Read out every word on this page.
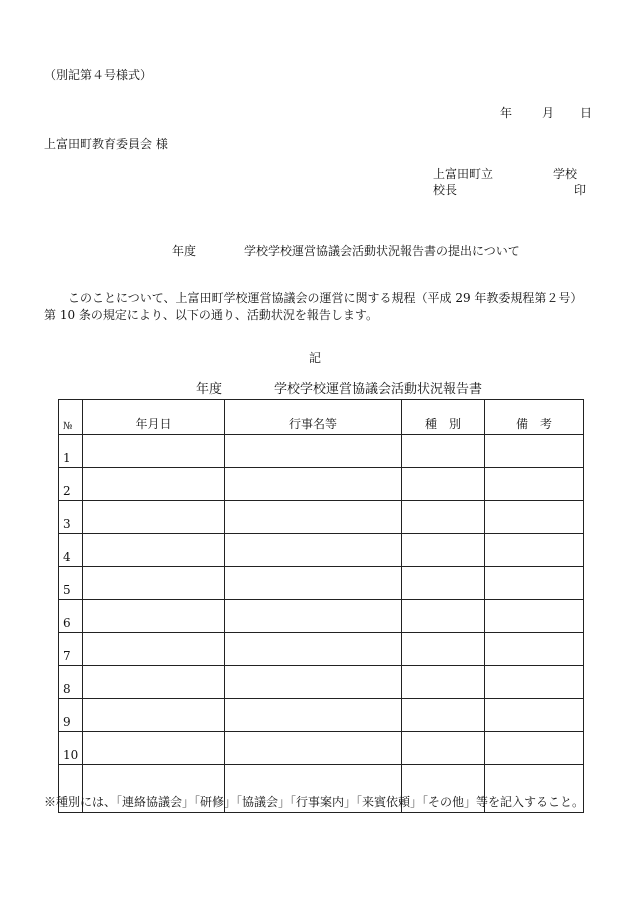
（別記第４号様式）
年	月 日
上富田町教育委員会 様
上富田町立　　　　　学校
校長	印
年度　　　　学校学校運営協議会活動状況報告書の提出について
このことについて、上富田町学校運営協議会の運営に関する規程（平成 29 年教委規程第２号）第 10 条の規定により、以下の通り、活動状況を報告します。
記
年度　　　　学校学校運営協議会活動状況報告書
№	年月日	行事名等	種　別	備　考
1				
2				
3				
4				
5				
6				
7				
8				
9				
10				

※種別には、「連絡協議会」「研修」「協議会」「行事案内」「来賓依頼」「その他」等を記入すること。
